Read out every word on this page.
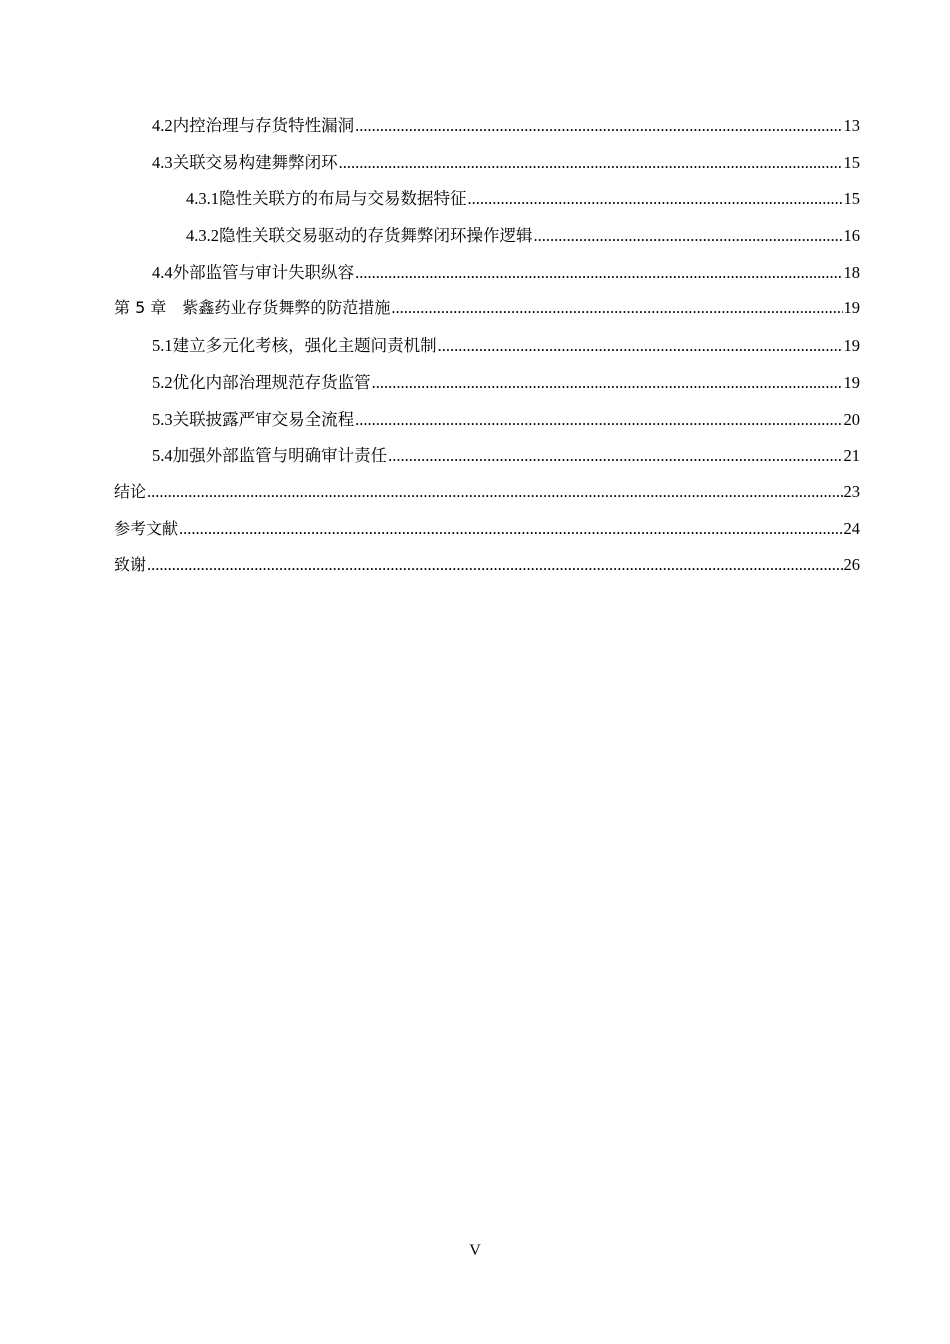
4.2 内控治理与存货特性漏洞 .....	13
4.3 关联交易构建舞弊闭环 .....	15
4.3.1 隐性关联方的布局与交易数据特征 .....	15
4.3.2 隐性关联交易驱动的存货舞弊闭环操作逻辑 .....	16
4.4 外部监管与审计失职纵容 .....	18
第 5 章 紫鑫药业存货舞弊的防范措施 .....	19
5.1 建立多元化考核，强化主题问责机制 .....	19
5.2 优化内部治理规范存货监管 .....	19
5.3 关联披露严审交易全流程 .....	20
5.4 加强外部监管与明确审计责任 .....	21
结论 .....	23
参考文献 .....	24
致谢 .....	26
V
